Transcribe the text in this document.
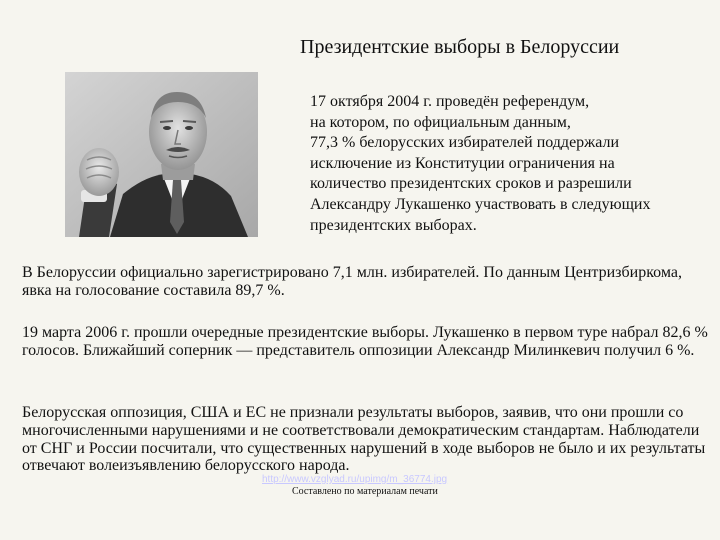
Президентские выборы в Белоруссии
17 октября 2004 г. проведён референдум,
на котором, по официальным данным,
77,3 % белорусских избирателей поддержали
исключение из Конституции ограничения на
количество президентских сроков и разрешили
Александру Лукашенко участвовать в следующих
президентских выборах.
В Белоруссии официально зарегистрировано 7,1 млн. избирателей. По данным Центризбиркома, явка на голосование составила 89,7 %.
19 марта 2006 г. прошли очередные президентские выборы. Лукашенко в первом туре набрал 82,6 % голосов. Ближайший соперник — представитель оппозиции Александр Милинкевич получил 6 %.
Белорусская оппозиция, США и ЕС не признали результаты выборов, заявив, что они прошли со многочисленными нарушениями и не соответствовали демократическим стандартам. Наблюдатели от СНГ и России посчитали, что существенных нарушений в ходе выборов не было и их результаты отвечают волеизъявлению белорусского народа.
http://www.vzglyad.ru/upimg/m_36774.jpg
Составлено по материалам печати
